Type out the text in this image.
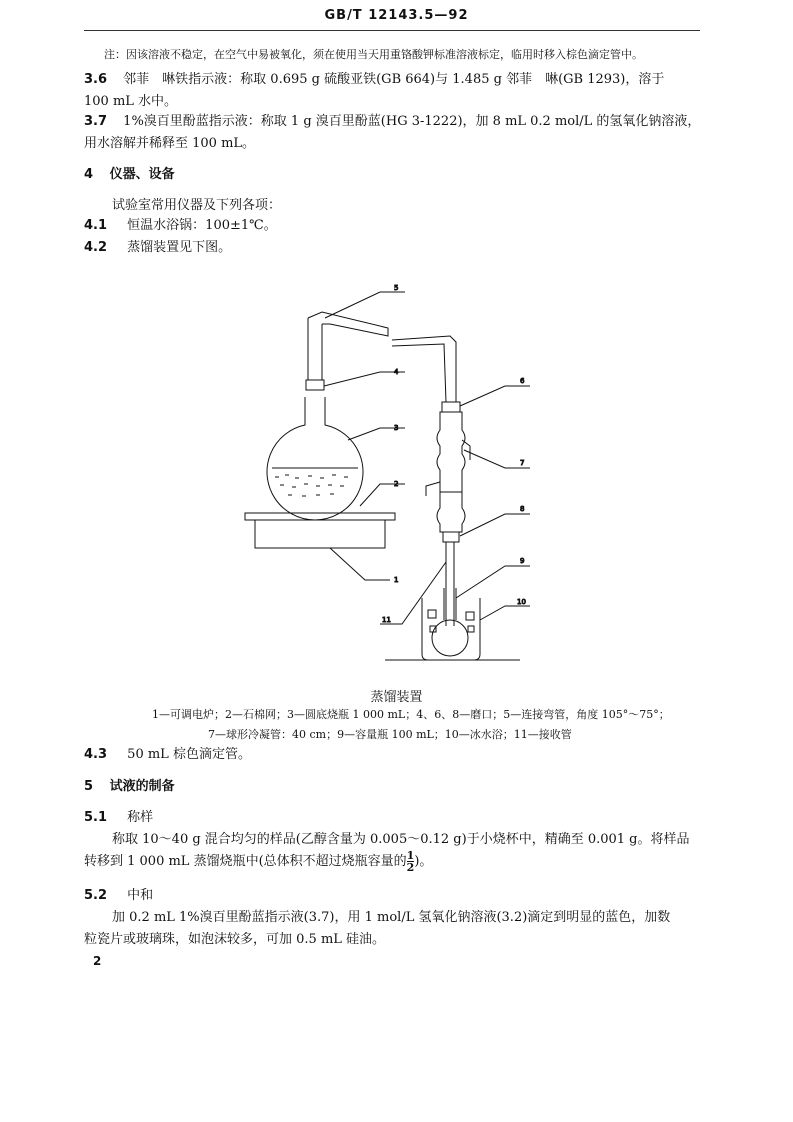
GB/T 12143.5—92
注：因该溶液不稳定，在空气中易被氧化，须在使用当天用重铬酸钾标准溶液标定，临用时移入棕色滴定管中。
3.6 邻菲　啉铁指示液：称取 0.695 g 硫酸亚铁(GB 664)与 1.485 g 邻菲　啉(GB 1293)，溶于
100 mL 水中。
3.7 1%溴百里酚蓝指示液：称取 1 g 溴百里酚蓝(HG 3-1222)，加 8 mL 0.2 mol/L 的氢氧化钠溶液，
用水溶解并稀释至 100 mL。
4 仪器、设备
试验室常用仪器及下列各项：
4.1 恒温水浴锅：100±1℃。
4.2 蒸馏装置见下图。
1
2
3
4
5
6
7
8
9
10
11
蒸馏装置
1—可调电炉；2—石棉网；3—圆底烧瓶 1 000 mL；4、6、8—磨口；5—连接弯管，角度 105°～75°；
7—球形冷凝管：40 cm；9—容量瓶 100 mL；10—冰水浴；11—接收管
4.3 50 mL 棕色滴定管。
5 试液的制备
5.1 称样
称取 10～40 g 混合均匀的样品(乙醇含量为 0.005～0.12 g)于小烧杯中，精确至 0.001 g。将样品
转移到 1 000 mL 蒸馏烧瓶中(总体积不超过烧瓶容量的 $\frac{1}{2}$ )。
5.2 中和
加 0.2 mL 1%溴百里酚蓝指示液(3.7)，用 1 mol/L 氢氧化钠溶液(3.2)滴定到明显的蓝色，加数
粒瓷片或玻璃珠，如泡沫较多，可加 0.5 mL 硅油。
2
